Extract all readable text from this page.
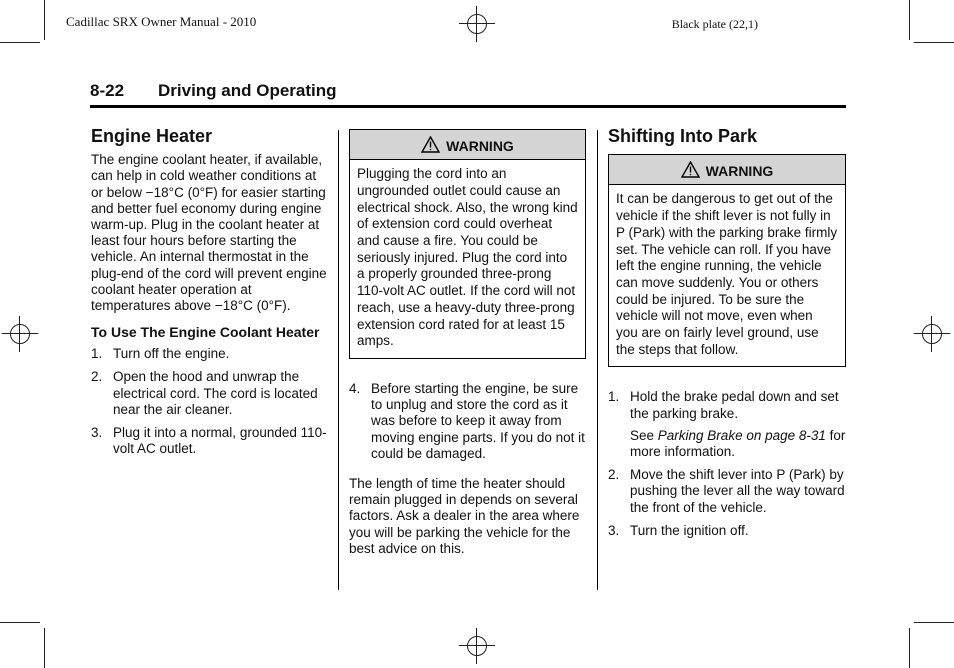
Cadillac SRX Owner Manual - 2010	Black plate (22,1)
8-22 Driving and Operating
Engine Heater

The engine coolant heater, if available, can help in cold weather conditions at or below −18°C (0°F) for easier starting and better fuel economy during engine warm-up. Plug in the coolant heater at least four hours before starting the vehicle. An internal thermostat in the plug-end of the cord will prevent engine coolant heater operation at temperatures above −18°C (0°F).

To Use The Engine Coolant Heater
1. Turn off the engine.
2. Open the hood and unwrap the electrical cord. The cord is located near the air cleaner.
3. Plug it into a normal, grounded 110-volt AC outlet.
WARNING
Plugging the cord into an ungrounded outlet could cause an electrical shock. Also, the wrong kind of extension cord could overheat and cause a fire. You could be seriously injured. Plug the cord into a properly grounded three-prong 110-volt AC outlet. If the cord will not reach, use a heavy-duty three-prong extension cord rated for at least 15 amps.
4. Before starting the engine, be sure to unplug and store the cord as it was before to keep it away from moving engine parts. If you do not it could be damaged.

The length of time the heater should remain plugged in depends on several factors. Ask a dealer in the area where you will be parking the vehicle for the best advice on this.

Shifting Into Park
WARNING
It can be dangerous to get out of the vehicle if the shift lever is not fully in P (Park) with the parking brake firmly set. The vehicle can roll. If you have left the engine running, the vehicle can move suddenly. You or others could be injured. To be sure the vehicle will not move, even when you are on fairly level ground, use the steps that follow.
1. Hold the brake pedal down and set the parking brake.
See Parking Brake on page 8-31 for more information.
2. Move the shift lever into P (Park) by pushing the lever all the way toward the front of the vehicle.
3. Turn the ignition off.
